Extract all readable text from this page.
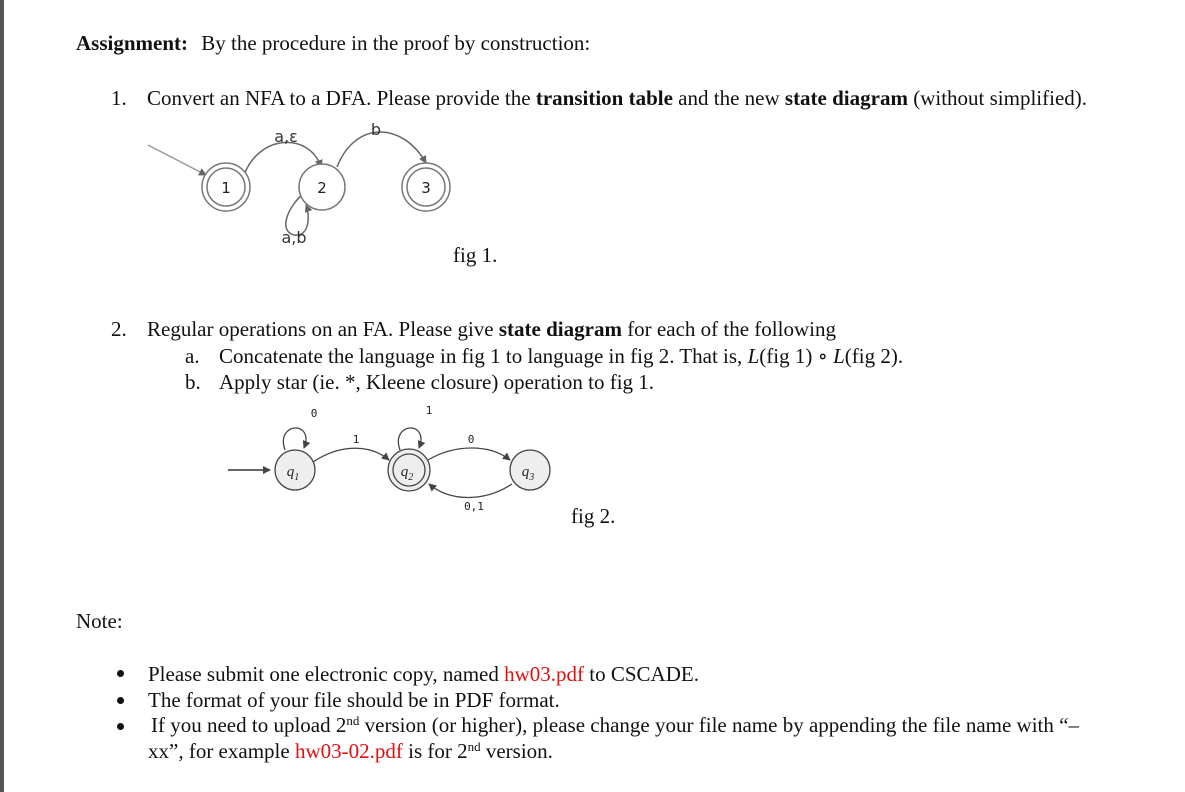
Assignment: By the procedure in the proof by construction:
1. Convert an NFA to a DFA. Please provide the transition table and the new state diagram (without simplified).
1	2	3
a,ε	b
a,b
fig 1.
2. Regular operations on an FA. Please give state diagram for each of the following
a. Concatenate the language in fig 1 to language in fig 2. That is, L(fig 1) ∘ L(fig 2).
b. Apply star (ie. *, Kleene closure) operation to fig 1.
$q_1$	$q_2$	$q_3$
0
1
1
0
0,1	fig 2.
Note:
Please submit one electronic copy, named hw03.pdf to CSCADE.
The format of your file should be in PDF format.
If you need to upload 2nd version (or higher), please change your file name by appending the file name with “–
xx”, for example hw03-02.pdf is for 2nd version.
